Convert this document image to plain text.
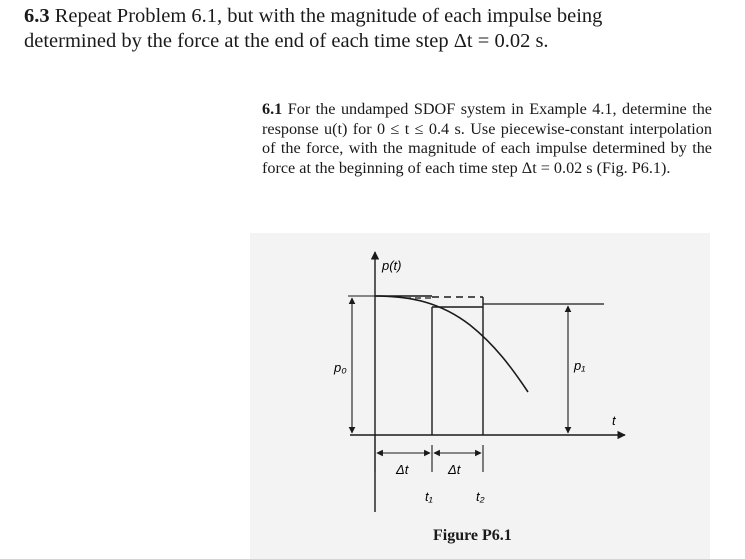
6.3 Repeat Problem 6.1, but with the magnitude of each impulse being determined by the force at the end of each time step Δt = 0.02 s.
6.1 For the undamped SDOF system in Example 4.1, determine the response u(t) for 0 ≤ t ≤ 0.4 s. Use piecewise-constant interpolation of the force, with the magnitude of each impulse determined by the force at the beginning of each time step Δt = 0.02 s (Fig. P6.1).
p(t)
t
p₀	p₁
Δt	Δt
t₁	t₂
Figure P6.1
